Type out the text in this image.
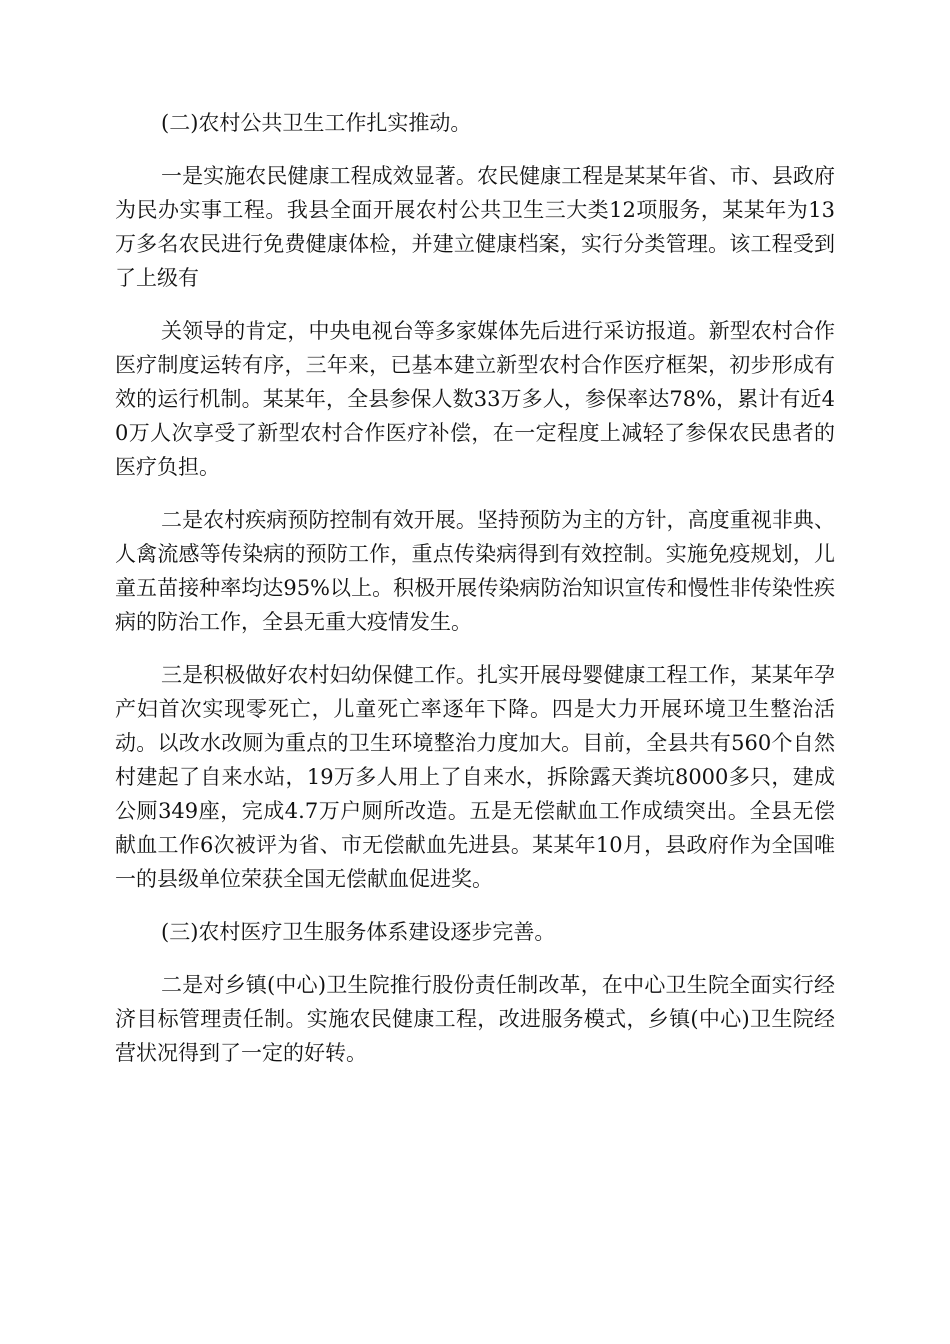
(二)农村公共卫生工作扎实推动。

一是实施农民健康工程成效显著。农民健康工程是某某年省、市、县政府为民办实事工程。我县全面开展农村公共卫生三大类12项服务，某某年为13万多名农民进行免费健康体检，并建立健康档案，实行分类管理。该工程受到了上级有

关领导的肯定，中央电视台等多家媒体先后进行采访报道。新型农村合作医疗制度运转有序，三年来，已基本建立新型农村合作医疗框架，初步形成有效的运行机制。某某年，全县参保人数33万多人，参保率达78%，累计有近40万人次享受了新型农村合作医疗补偿，在一定程度上减轻了参保农民患者的医疗负担。

二是农村疾病预防控制有效开展。坚持预防为主的方针，高度重视非典、人禽流感等传染病的预防工作，重点传染病得到有效控制。实施免疫规划，儿童五苗接种率均达95%以上。积极开展传染病防治知识宣传和慢性非传染性疾病的防治工作，全县无重大疫情发生。

三是积极做好农村妇幼保健工作。扎实开展母婴健康工程工作，某某年孕产妇首次实现零死亡，儿童死亡率逐年下降。四是大力开展环境卫生整治活动。以改水改厕为重点的卫生环境整治力度加大。目前，全县共有560个自然村建起了自来水站，19万多人用上了自来水，拆除露天粪坑8000多只，建成公厕349座，完成4.7万户厕所改造。五是无偿献血工作成绩突出。全县无偿献血工作6次被评为省、市无偿献血先进县。某某年10月，县政府作为全国唯一的县级单位荣获全国无偿献血促进奖。

(三)农村医疗卫生服务体系建设逐步完善。

二是对乡镇(中心)卫生院推行股份责任制改革，在中心卫生院全面实行经济目标管理责任制。实施农民健康工程，改进服务模式，乡镇(中心)卫生院经营状况得到了一定的好转。
